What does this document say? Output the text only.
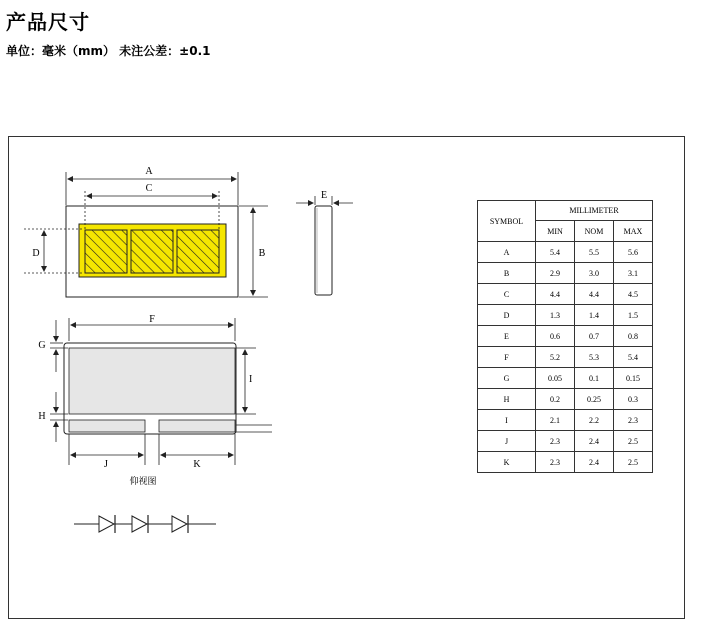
产品尺寸
单位：毫米（mm） 未注公差：±0.1
A
C
D	B
E
F
G
H
I
J	K
仰视图
SYMBOL	MILLIMETER		
	MIN	NOM	MAX
A	5.4	5.5	5.6
B	2.9	3.0	3.1
C	4.4	4.4	4.5
D	1.3	1.4	1.5
E	0.6	0.7	0.8
F	5.2	5.3	5.4
G	0.05	0.1	0.15
H	0.2	0.25	0.3
I	2.1	2.2	2.3
J	2.3	2.4	2.5
K	2.3	2.4	2.5
